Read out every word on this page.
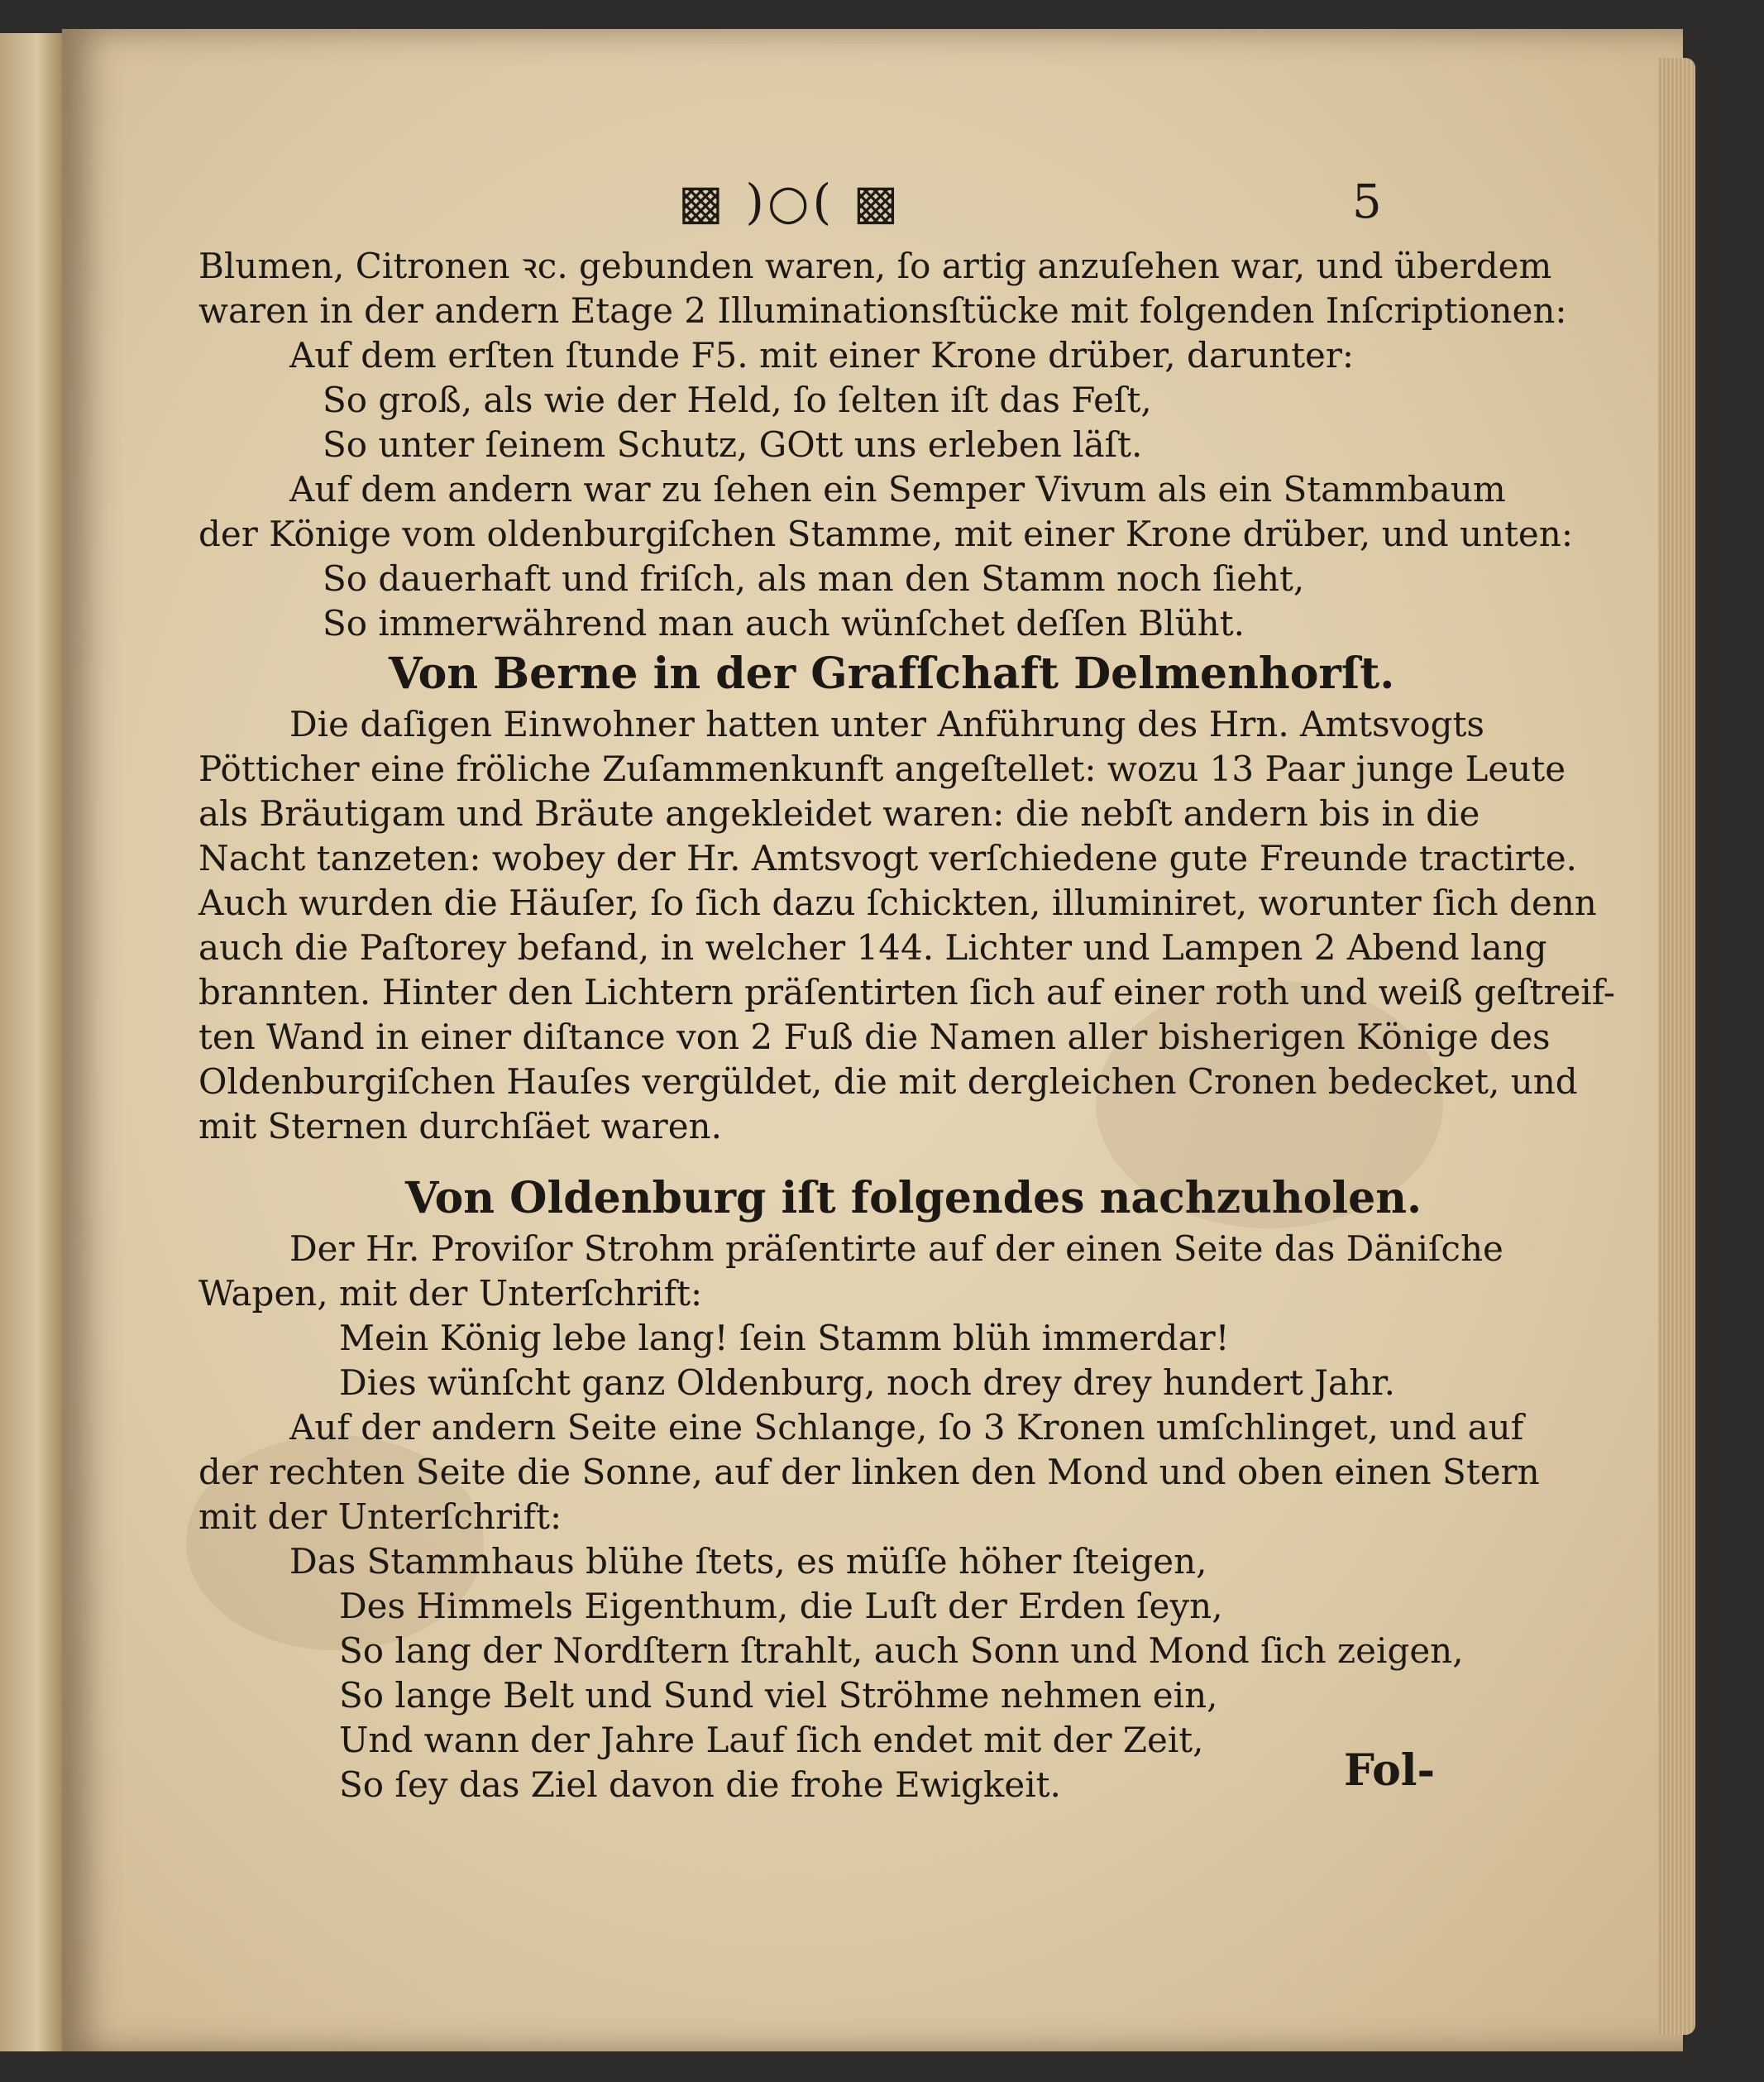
▩ )○( ▩	5
Blumen, Citronen ꝛc. gebunden waren, ſo artig anzuſehen war, und überdem
waren in der andern Etage 2 Illuminationsſtücke mit folgenden Inſcriptionen:
Auf dem erſten ſtunde F5. mit einer Krone drüber, darunter:
So groß, als wie der Held, ſo ſelten iſt das Feſt,
So unter ſeinem Schutz, GOtt uns erleben läſt.
Auf dem andern war zu ſehen ein Semper Vivum als ein Stammbaum
der Könige vom oldenburgiſchen Stamme, mit einer Krone drüber, und unten:
So dauerhaft und friſch, als man den Stamm noch ſieht,
So immerwährend man auch wünſchet deſſen Blüht.
Von Berne in der Grafſchaft Delmenhorſt.
Die daſigen Einwohner hatten unter Anführung des Hrn. Amtsvogts
Pötticher eine fröliche Zuſammenkunft angeſtellet: wozu 13 Paar junge Leute
als Bräutigam und Bräute angekleidet waren: die nebſt andern bis in die
Nacht tanzeten: wobey der Hr. Amtsvogt verſchiedene gute Freunde tractirte.
Auch wurden die Häuſer, ſo ſich dazu ſchickten, illuminiret, worunter ſich denn
auch die Paſtorey befand, in welcher 144. Lichter und Lampen 2 Abend lang
brannten. Hinter den Lichtern präſentirten ſich auf einer roth und weiß geſtreif-
ten Wand in einer diſtance von 2 Fuß die Namen aller bisherigen Könige des
Oldenburgiſchen Hauſes vergüldet, die mit dergleichen Cronen bedecket, und
mit Sternen durchſäet waren.
Von Oldenburg iſt folgendes nachzuholen.
Der Hr. Proviſor Strohm präſentirte auf der einen Seite das Däniſche
Wapen, mit der Unterſchrift:
Mein König lebe lang! ſein Stamm blüh immerdar!
Dies wünſcht ganz Oldenburg, noch drey drey hundert Jahr.
Auf der andern Seite eine Schlange, ſo 3 Kronen umſchlinget, und auf
der rechten Seite die Sonne, auf der linken den Mond und oben einen Stern
mit der Unterſchrift:
Das Stammhaus blühe ſtets, es müſſe höher ſteigen,
Des Himmels Eigenthum, die Luſt der Erden ſeyn,
So lang der Nordſtern ſtrahlt, auch Sonn und Mond ſich zeigen,
So lange Belt und Sund viel Ströhme nehmen ein,
Und wann der Jahre Lauf ſich endet mit der Zeit,
So ſey das Ziel davon die frohe Ewigkeit.	Fol-
